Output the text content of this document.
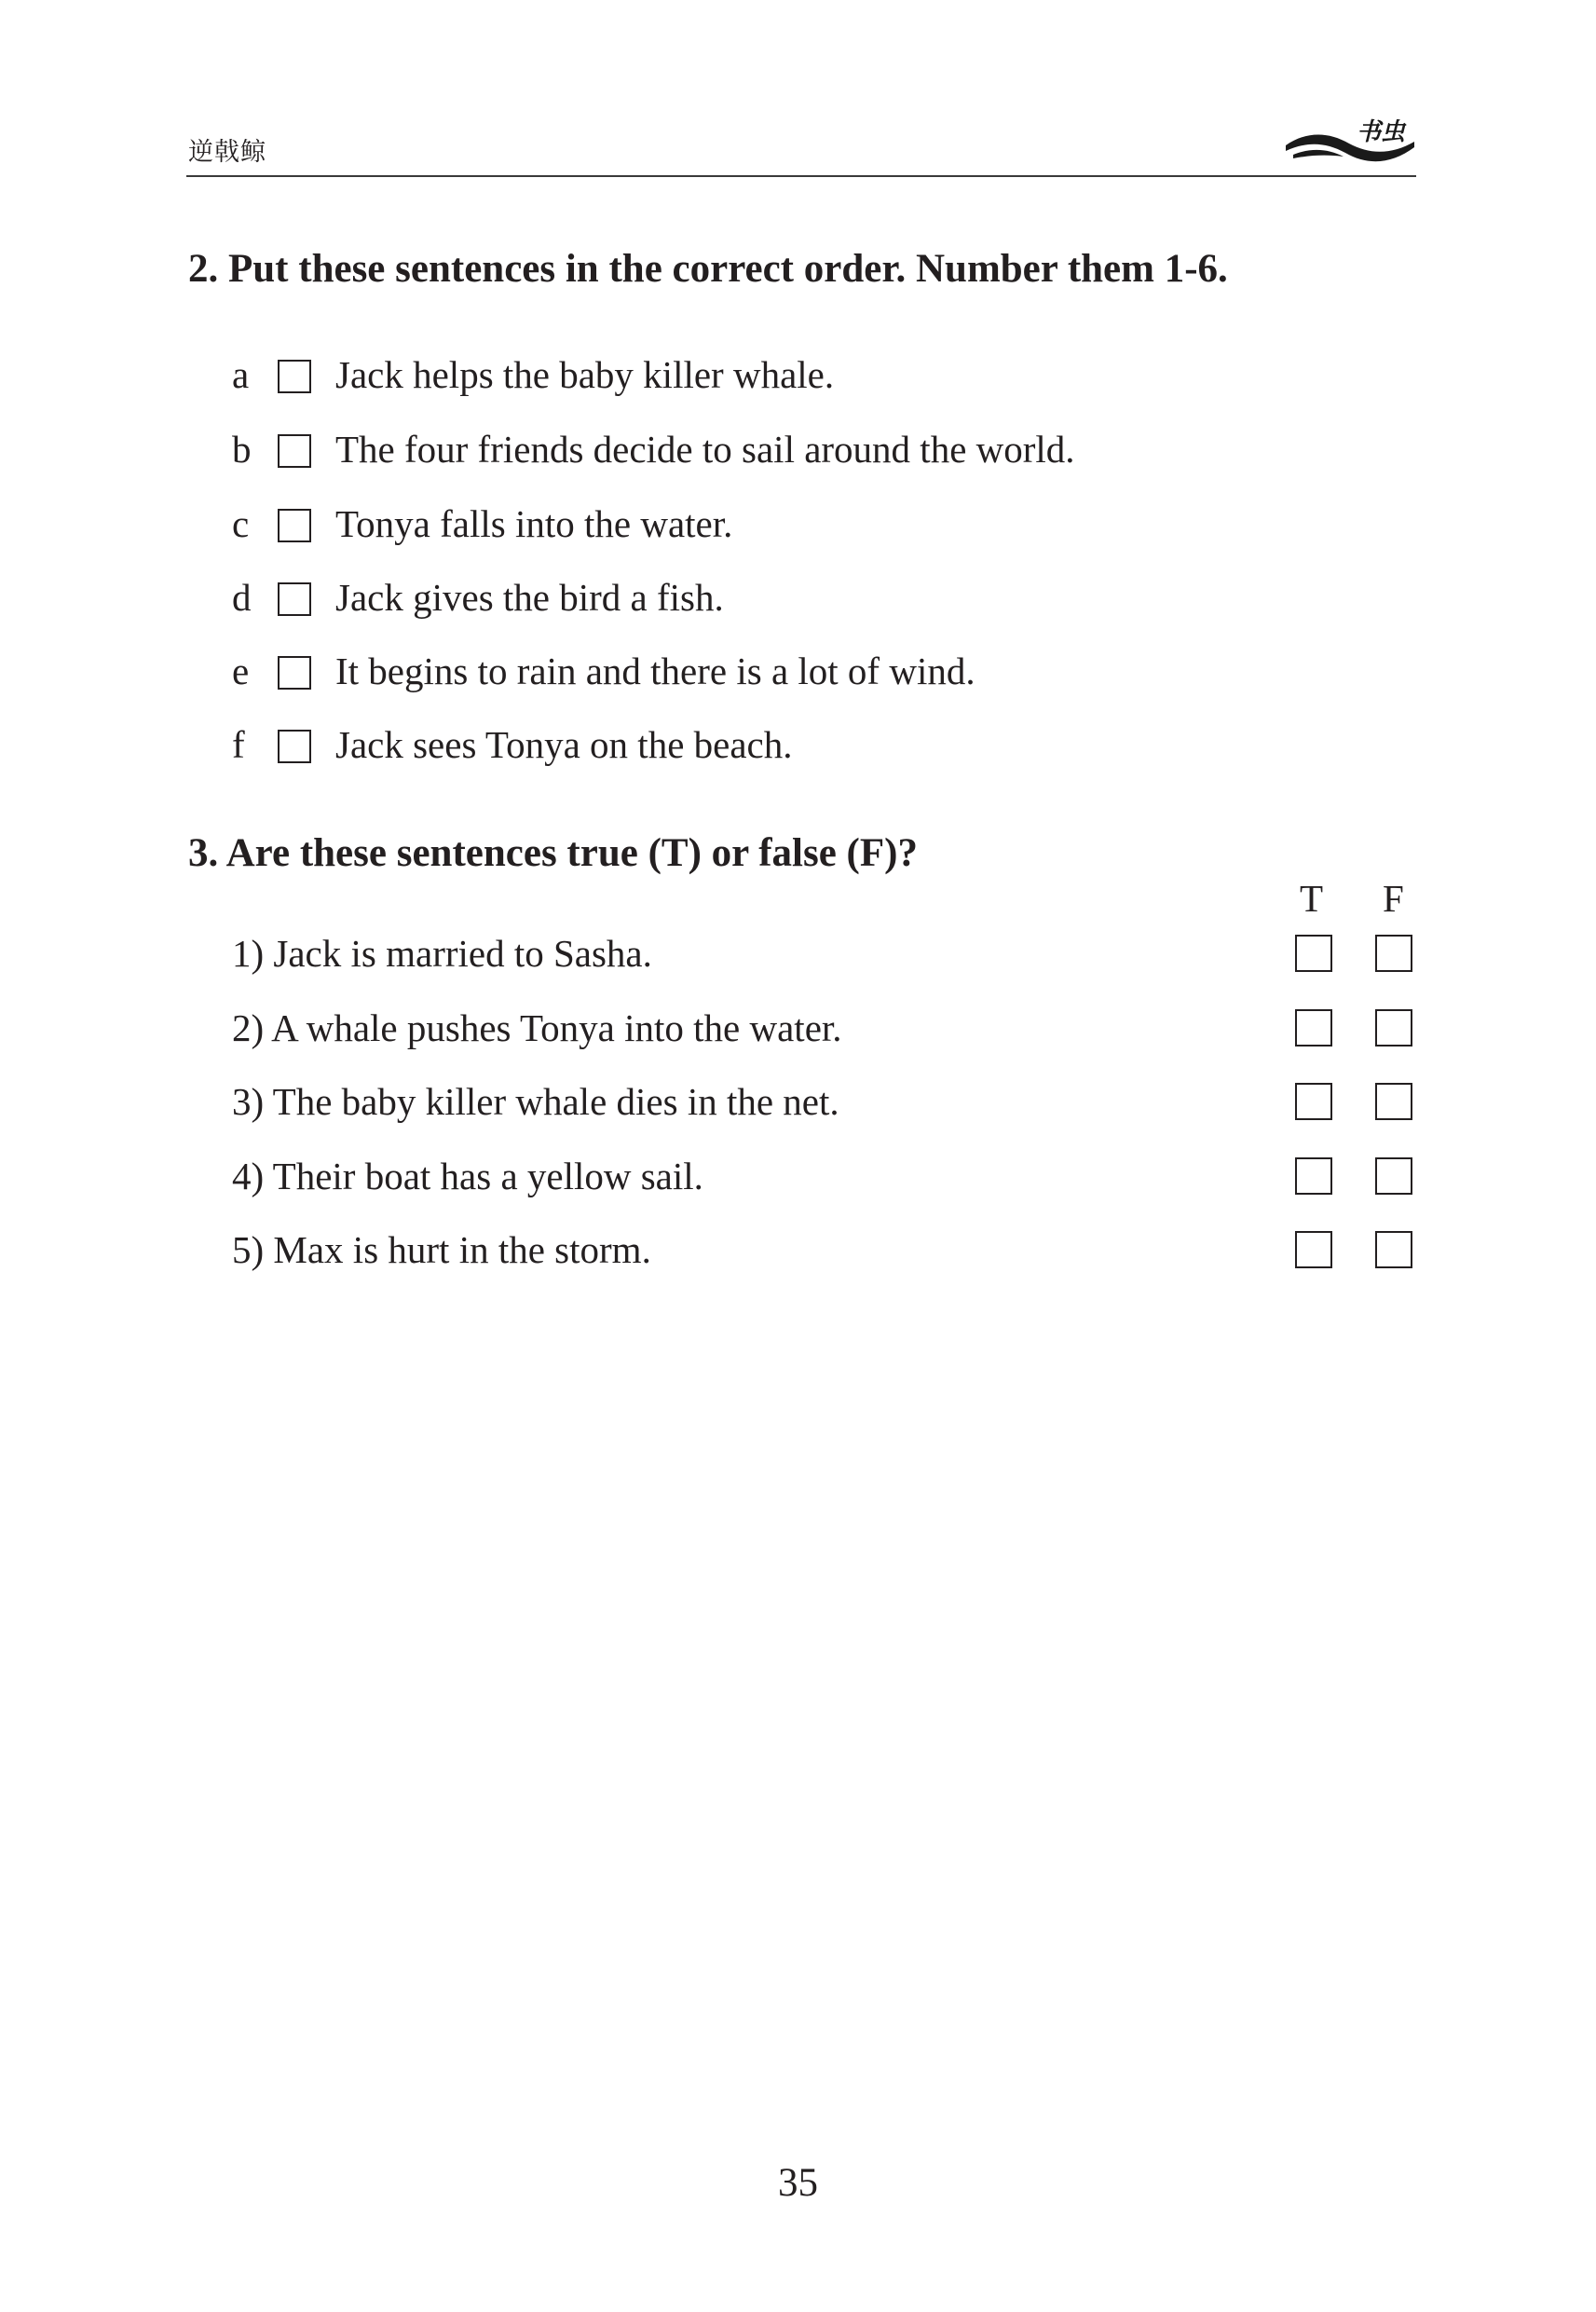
逆戟鲸
书虫
2. Put these sentences in the correct order. Number them 1-6.
a Jack helps the baby killer whale.
b The four friends decide to sail around the world.
c Tonya falls into the water.
d Jack gives the bird a fish.
e It begins to rain and there is a lot of wind.
f Jack sees Tonya on the beach.
3. Are these sentences true (T) or false (F)?
T F
1) Jack is married to Sasha.
2) A whale pushes Tonya into the water.
3) The baby killer whale dies in the net.
4) Their boat has a yellow sail.
5) Max is hurt in the storm.
35
